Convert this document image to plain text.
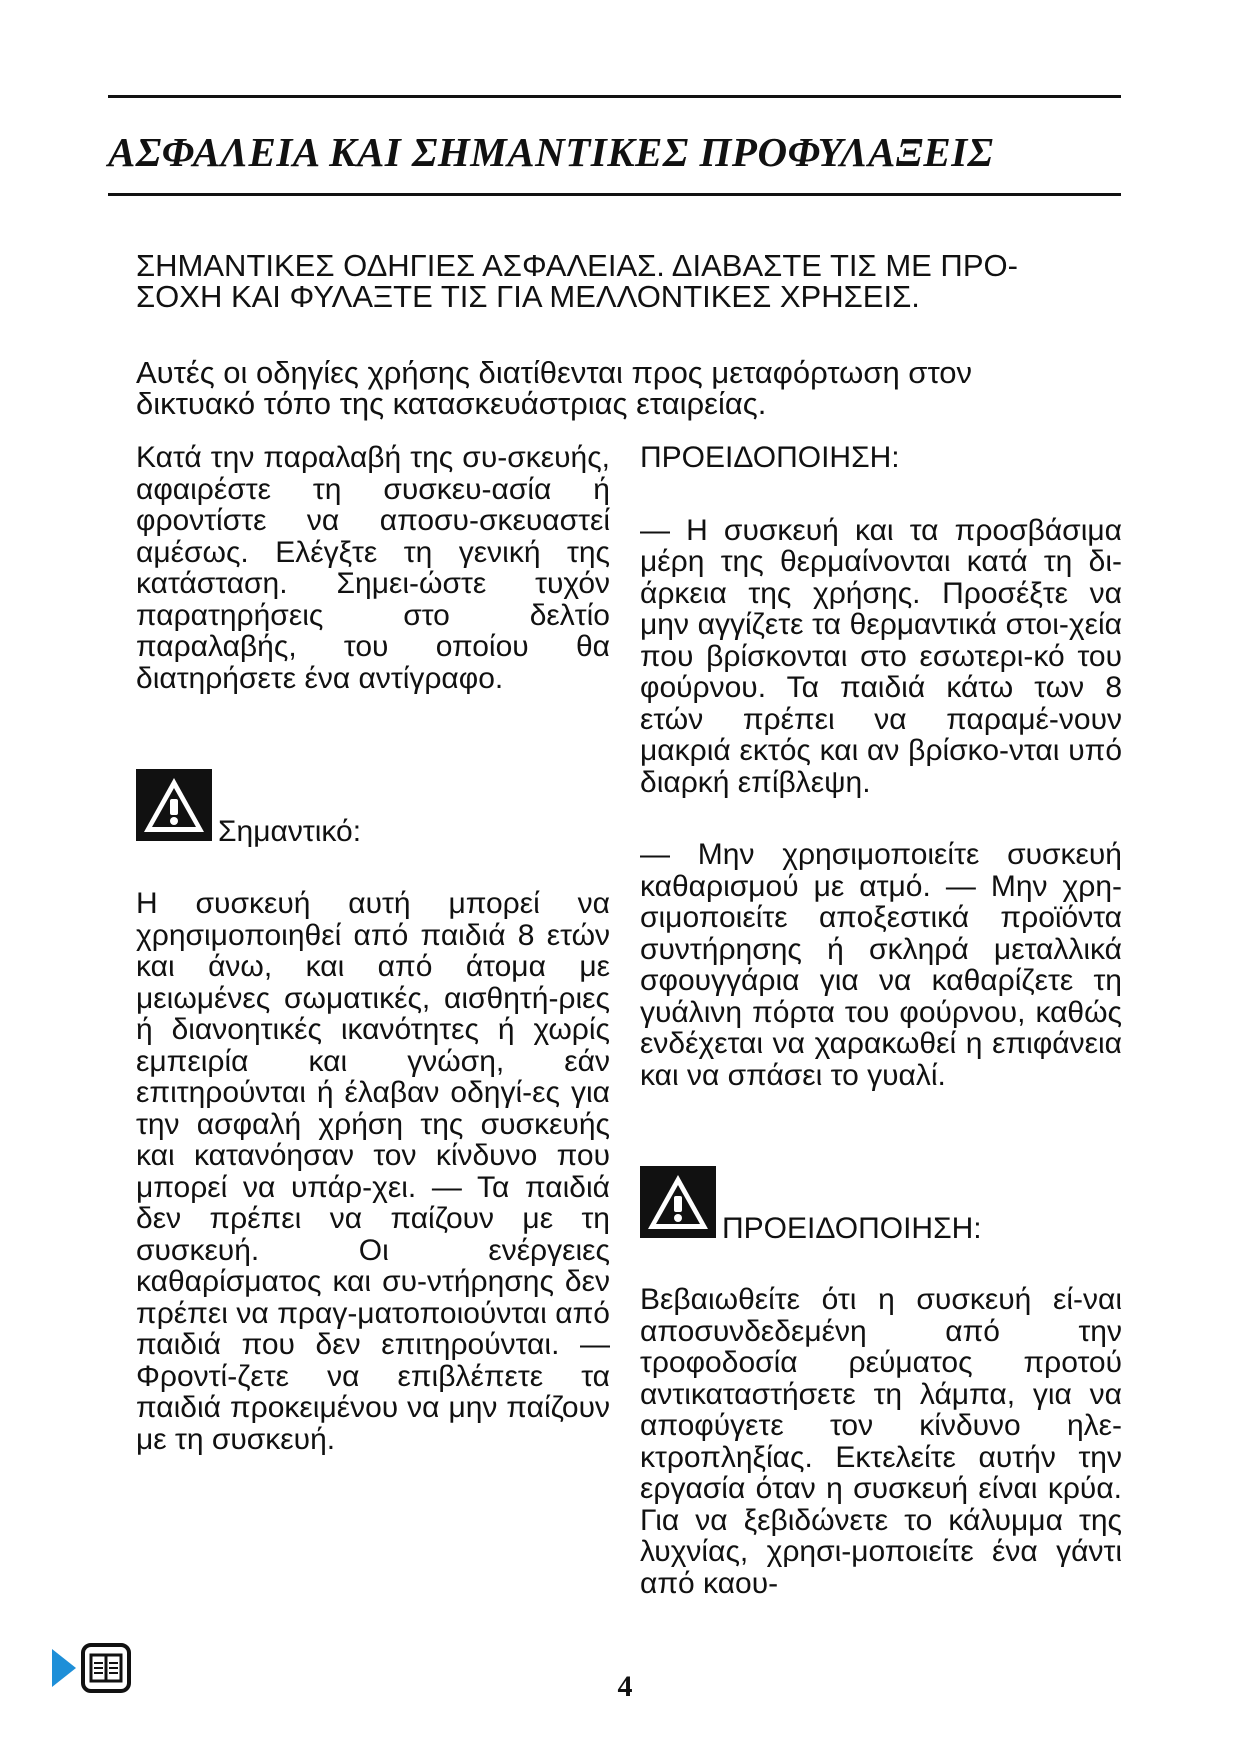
ΑΣΦΑΛΕΙΑ ΚΑΙ ΣΗΜΑΝΤΙΚΕΣ ΠΡΟΦΥΛΑΞΕΙΣ

ΣΗΜΑΝΤΙΚΕΣ ΟΔΗΓΙΕΣ ΑΣΦΑΛΕΙΑΣ. ΔΙΑΒΑΣΤΕ ΤΙΣ ΜΕ ΠΡΟ-ΣΟΧΗ ΚΑΙ ΦΥΛΑΞΤΕ ΤΙΣ ΓΙΑ ΜΕΛΛΟΝΤΙΚΕΣ ΧΡΗΣΕΙΣ.

Αυτές οι οδηγίες χρήσης διατίθενται προς μεταφόρτωση στον δικτυακό τόπο της κατασκευάστριας εταιρείας.

Κατά την παραλαβή της συ-σκευής, αφαιρέστε τη συσκευ-ασία ή φροντίστε να αποσυ-σκευαστεί αμέσως. Ελέγξτε τη γενική της κατάσταση. Σημει-ώστε τυχόν παρατηρήσεις στο δελτίο παραλαβής, του οποίου θα διατηρήσετε ένα αντίγραφο.

Σημαντικό:

Η συσκευή αυτή μπορεί να χρησιμοποιηθεί από παιδιά 8 ετών και άνω, και από άτομα με μειωμένες σωματικές, αισθητή-ριες ή διανοητικές ικανότητες ή χωρίς εμπειρία και γνώση, εάν επιτηρούνται ή έλαβαν οδηγί-ες για την ασφαλή χρήση της συσκευής και κατανόησαν τον κίνδυνο που μπορεί να υπάρ-χει. — Τα παιδιά δεν πρέπει να παίζουν με τη συσκευή. Οι ενέργειες καθαρίσματος και συ-ντήρησης δεν πρέπει να πραγ-ματοποιούνται από παιδιά που δεν επιτηρούνται. — Φροντί-ζετε να επιβλέπετε τα παιδιά προκειμένου να μην παίζουν με τη συσκευή.

ΠΡΟΕΙΔΟΠΟΙΗΣΗ:

— Η συσκευή και τα προσβάσιμα μέρη της θερμαίνονται κατά τη δι-άρκεια της χρήσης. Προσέξτε να μην αγγίζετε τα θερμαντικά στοι-χεία που βρίσκονται στο εσωτερι-κό του φούρνου. Τα παιδιά κάτω των 8 ετών πρέπει να παραμέ-νουν μακριά εκτός και αν βρίσκο-νται υπό διαρκή επίβλεψη.

— Μην χρησιμοποιείτε συσκευή καθαρισμού με ατμό. — Μην χρη-σιμοποιείτε αποξεστικά προϊόντα συντήρησης ή σκληρά μεταλλικά σφουγγάρια για να καθαρίζετε τη γυάλινη πόρτα του φούρνου, καθώς ενδέχεται να χαρακωθεί η επιφάνεια και να σπάσει το γυαλί.

ΠΡΟΕΙΔΟΠΟΙΗΣΗ:

Βεβαιωθείτε ότι η συσκευή εί-ναι αποσυνδεδεμένη από την τροφοδοσία ρεύματος προτού αντικαταστήσετε τη λάμπα, για να αποφύγετε τον κίνδυνο ηλε-κτροπληξίας. Εκτελείτε αυτήν την εργασία όταν η συσκευή είναι κρύα. Για να ξεβιδώνετε το κάλυμμα της λυχνίας, χρησι-μοποιείτε ένα γάντι από καου-

4
